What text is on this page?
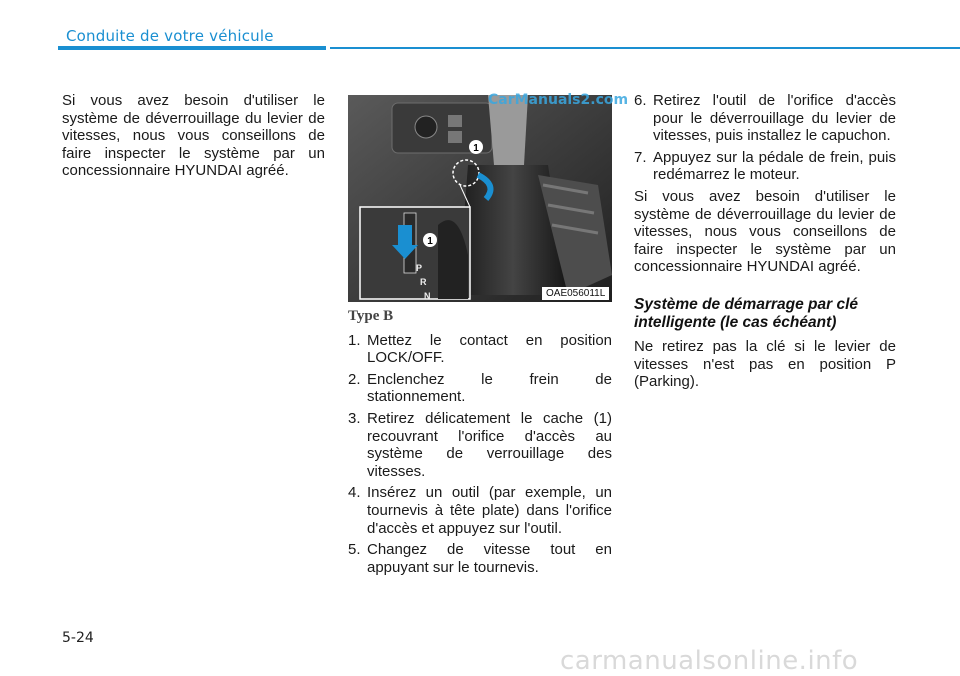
Conduite de votre véhicule

Si vous avez besoin d'utiliser le système de déverrouillage du levier de vitesses, nous vous conseillons de faire inspecter le système par un concessionnaire HYUNDAI agréé.

1
1
P
R
N
CarManuals2.com
OAE056011L
Type B
1. Mettez le contact en position LOCK/OFF.
2. Enclenchez le frein de stationnement.
3. Retirez délicatement le cache (1) recouvrant l'orifice d'accès au système de verrouillage des vitesses.
4. Insérez un outil (par exemple, un tournevis à tête plate) dans l'orifice d'accès et appuyez sur l'outil.
5. Changez de vitesse tout en appuyant sur le tournevis.
6. Retirez l'outil de l'orifice d'accès pour le déverrouillage du levier de vitesses, puis installez le capuchon.
7. Appuyez sur la pédale de frein, puis redémarrez le moteur.

Si vous avez besoin d'utiliser le système de déverrouillage du levier de vitesses, nous vous conseillons de faire inspecter le système par un concessionnaire HYUNDAI agréé.

Système de démarrage par clé intelligente (le cas échéant)

Ne retirez pas la clé si le levier de vitesses n'est pas en position P (Parking).

5-24
carmanualsonline.info
